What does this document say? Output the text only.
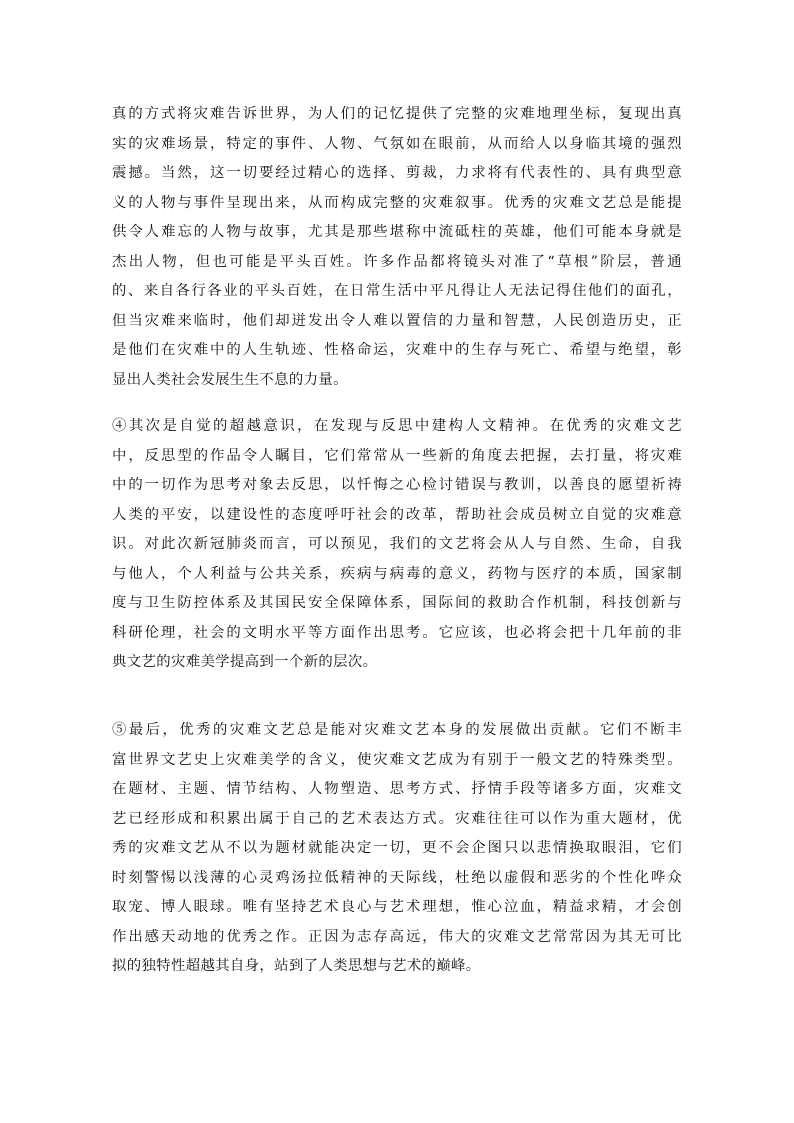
真的方式将灾难告诉世界，为人们的记忆提供了完整的灾难地理坐标，复现出真
实的灾难场景，特定的事件、人物、气氛如在眼前，从而给人以身临其境的强烈
震撼。当然，这一切要经过精心的选择、剪裁，力求将有代表性的、具有典型意
义的人物与事件呈现出来，从而构成完整的灾难叙事。优秀的灾难文艺总是能提
供令人难忘的人物与故事，尤其是那些堪称中流砥柱的英雄，他们可能本身就是
杰出人物，但也可能是平头百姓。许多作品都将镜头对准了“草根”阶层，普通
的、来自各行各业的平头百姓，在日常生活中平凡得让人无法记得住他们的面孔，
但当灾难来临时，他们却迸发出令人难以置信的力量和智慧，人民创造历史，正
是他们在灾难中的人生轨迹、性格命运，灾难中的生存与死亡、希望与绝望，彰
显出人类社会发展生生不息的力量。

④其次是自觉的超越意识，在发现与反思中建构人文精神。在优秀的灾难文艺
中，反思型的作品令人瞩目，它们常常从一些新的角度去把握，去打量，将灾难
中的一切作为思考对象去反思，以忏悔之心检讨错误与教训，以善良的愿望祈祷
人类的平安，以建设性的态度呼吁社会的改革，帮助社会成员树立自觉的灾难意
识。对此次新冠肺炎而言，可以预见，我们的文艺将会从人与自然、生命，自我
与他人，个人利益与公共关系，疾病与病毒的意义，药物与医疗的本质，国家制
度与卫生防控体系及其国民安全保障体系，国际间的救助合作机制，科技创新与
科研伦理，社会的文明水平等方面作出思考。它应该，也必将会把十几年前的非
典文艺的灾难美学提高到一个新的层次。

⑤最后，优秀的灾难文艺总是能对灾难文艺本身的发展做出贡献。它们不断丰
富世界文艺史上灾难美学的含义，使灾难文艺成为有别于一般文艺的特殊类型。
在题材、主题、情节结构、人物塑造、思考方式、抒情手段等诸多方面，灾难文
艺已经形成和积累出属于自己的艺术表达方式。灾难往往可以作为重大题材，优
秀的灾难文艺从不以为题材就能决定一切，更不会企图只以悲情换取眼泪，它们
时刻警惕以浅薄的心灵鸡汤拉低精神的天际线，杜绝以虚假和恶劣的个性化哗众
取宠、博人眼球。唯有坚持艺术良心与艺术理想，惟心泣血，精益求精，才会创
作出感天动地的优秀之作。正因为志存高远，伟大的灾难文艺常常因为其无可比
拟的独特性超越其自身，站到了人类思想与艺术的巅峰。
